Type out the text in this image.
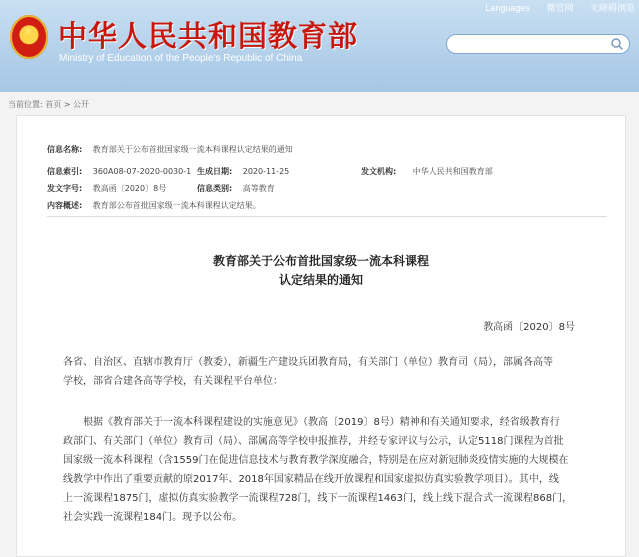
★
中华人民共和国教育部
Ministry of Education of the People's Republic of China
Languages 微官网 无障碍浏览
当前位置: 首页 > 公开
信息名称: 教育部关于公布首批国家级一流本科课程认定结果的通知
信息索引: 360A08-07-2020-0030-1 生成日期: 2020-11-25	发文机构: 中华人民共和国教育部
发文字号: 教高函〔2020〕8号	信息类别: 高等教育
内容概述: 教育部公布首批国家级一流本科课程认定结果。
教育部关于公布首批国家级一流本科课程
认定结果的通知
教高函〔2020〕8号
各省、自治区、直辖市教育厅（教委），新疆生产建设兵团教育局，有关部门（单位）教育司（局），部属各高等
学校，部省合建各高等学校，有关课程平台单位：
根据《教育部关于一流本科课程建设的实施意见》（教高〔2019〕8号）精神和有关通知要求，经省级教育行
政部门、有关部门（单位）教育司（局）、部属高等学校申报推荐，并经专家评议与公示，认定5118门课程为首批
国家级一流本科课程（含1559门在促进信息技术与教育教学深度融合，特别是在应对新冠肺炎疫情实施的大规模在
线教学中作出了重要贡献的原2017年、2018年国家精品在线开放课程和国家虚拟仿真实验教学项目）。其中，线
上一流课程1875门，虚拟仿真实验教学一流课程728门，线下一流课程1463门，线上线下混合式一流课程868门，
社会实践一流课程184门。现予以公布。
